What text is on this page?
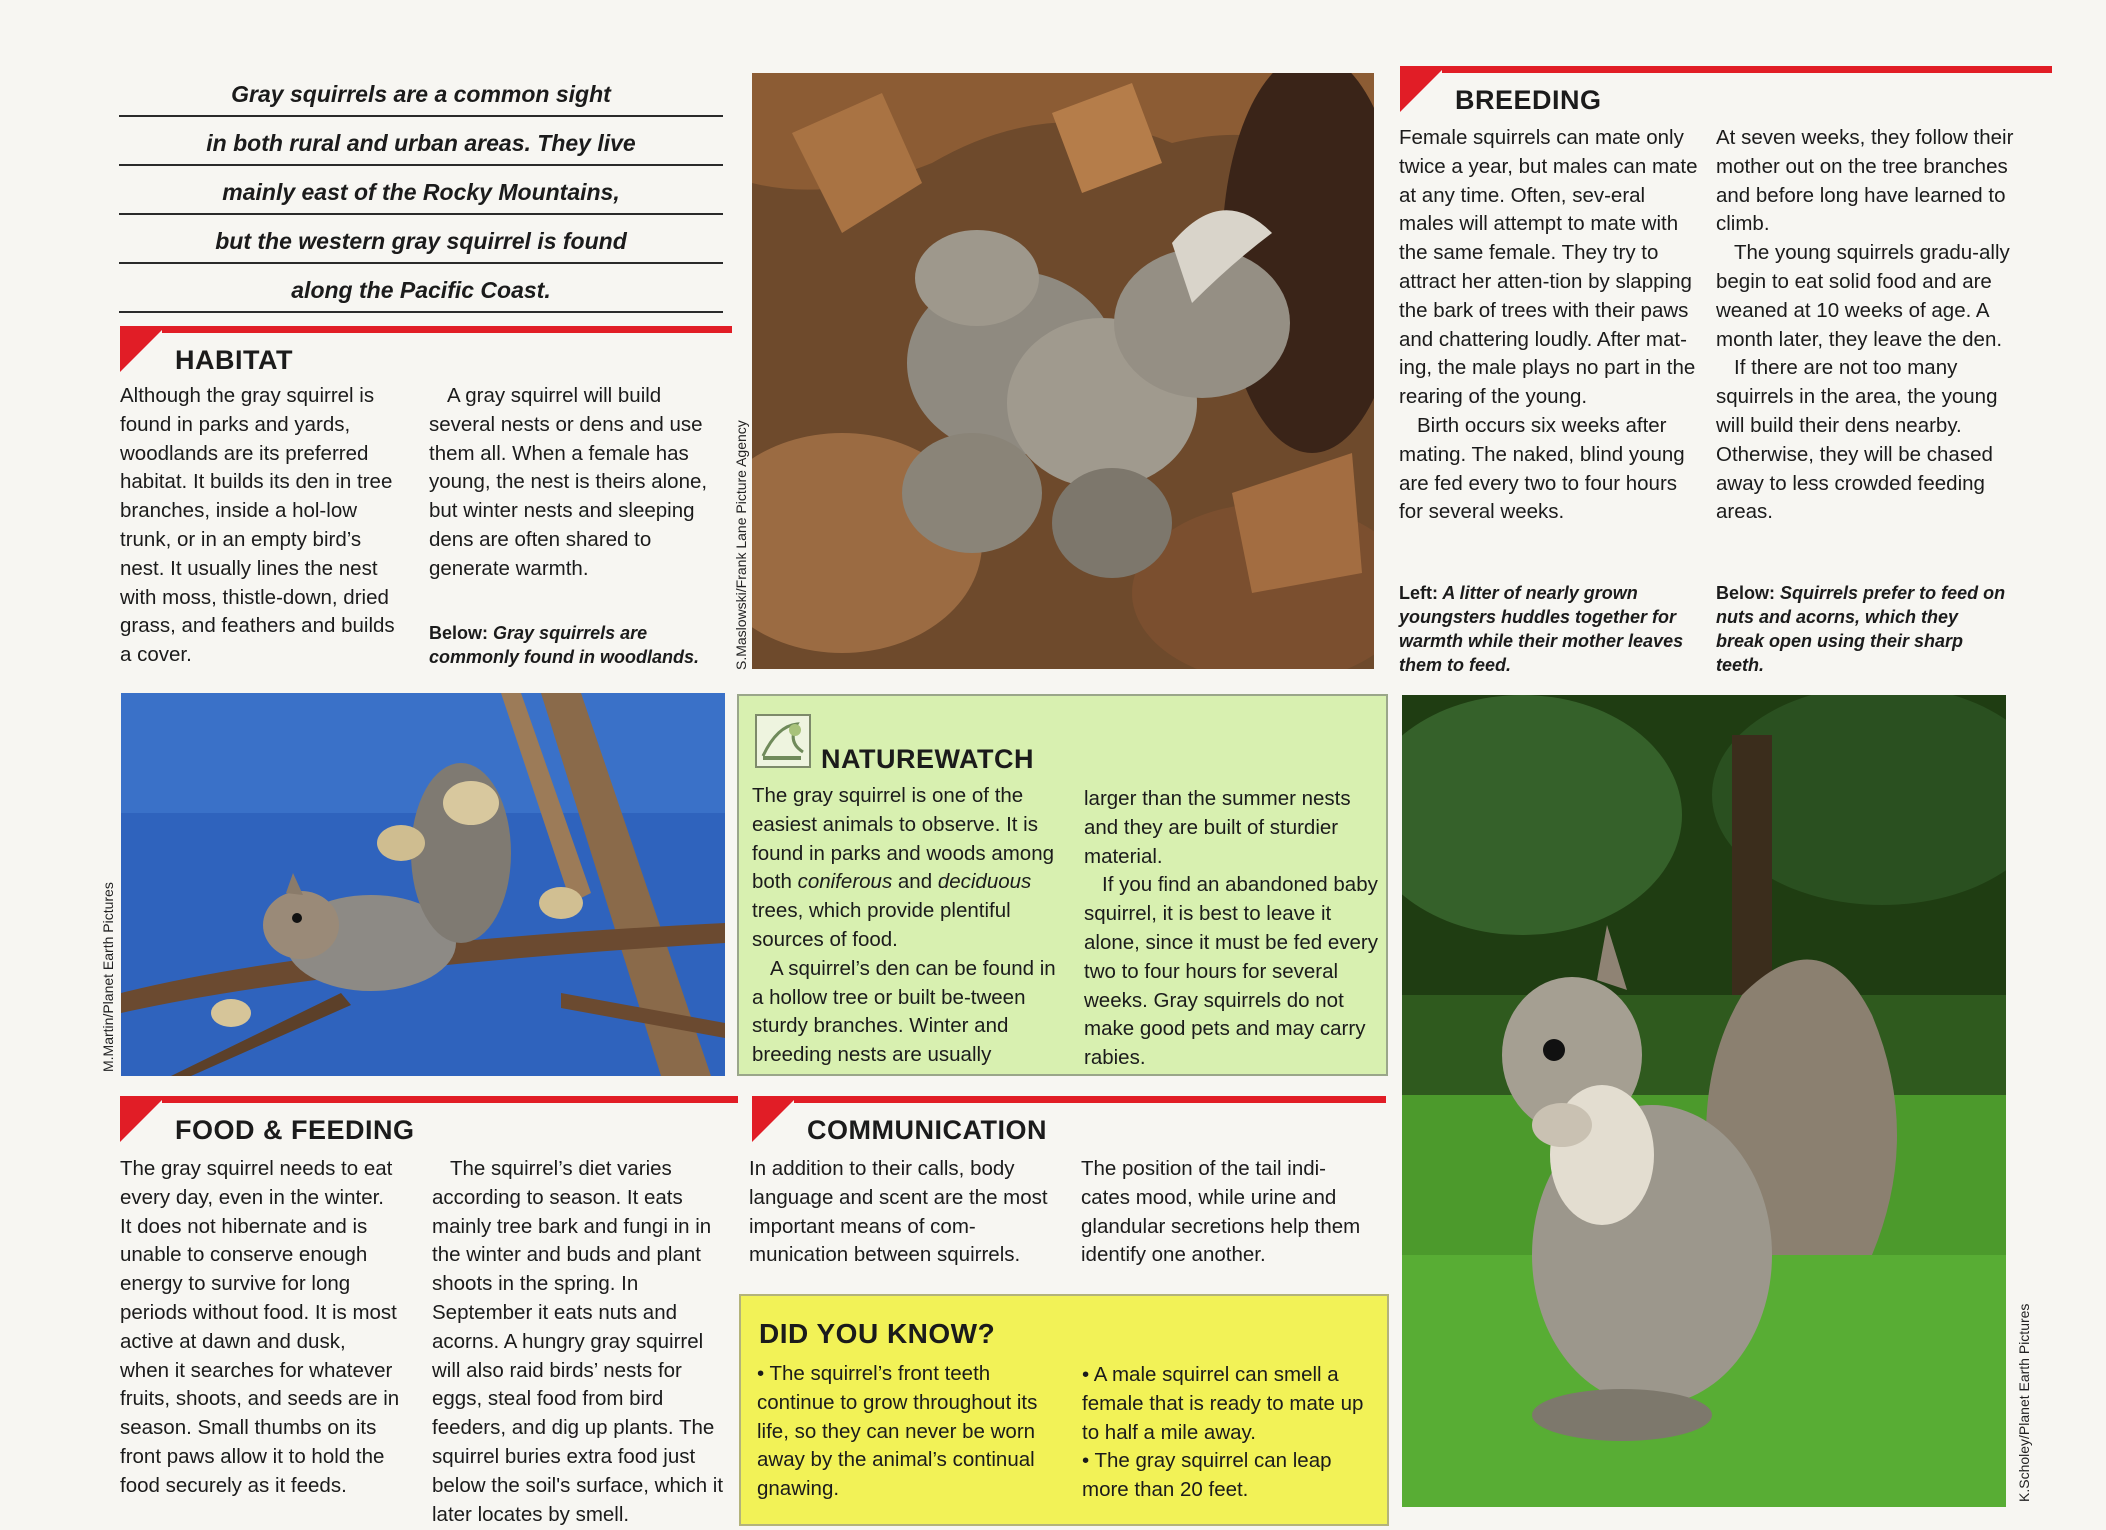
Gray squirrels are a common sight
in both rural and urban areas. They live
mainly east of the Rocky Mountains,
but the western gray squirrel is found
along the Pacific Coast.
HABITAT
Although the gray squirrel is found in parks and yards, woodlands are its preferred habitat. It builds its den in tree branches, inside a hol-low trunk, or in an empty bird’s nest. It usually lines the nest with moss, thistle-down, dried grass, and feathers and builds a cover.

A gray squirrel will build several nests or dens and use them all. When a female has young, the nest is theirs alone, but winter nests and sleeping dens are often shared to generate warmth.

Below: Gray squirrels are commonly found in woodlands.	S.Maslowski/Frank Lane Picture Agency
BREEDING

Female squirrels can mate only twice a year, but males can mate at any time. Often, sev-eral males will attempt to mate with the same female. They try to attract her atten-tion by slapping the bark of trees with their paws and chattering loudly. After mat-ing, the male plays no part in the rearing of the young.

Birth occurs six weeks after mating. The naked, blind young are fed every two to four hours for several weeks.

At seven weeks, they follow their mother out on the tree branches and before long have learned to climb.

The young squirrels gradu-ally begin to eat solid food and are weaned at 10 weeks of age. A month later, they leave the den.

If there are not too many squirrels in the area, the young will build their dens nearby. Otherwise, they will be chased away to less crowded feeding areas.

Left: A litter of nearly grown youngsters huddles together for warmth while their mother leaves them to feed.
Below: Squirrels prefer to feed on nuts and acorns, which they break open using their sharp teeth.
M.Martin/Planet Earth Pictures
NATUREWATCH

The gray squirrel is one of the easiest animals to observe. It is found in parks and woods among both coniferous and deciduous trees, which provide plentiful sources of food.

A squirrel’s den can be found in a hollow tree or built be-tween sturdy branches. Winter and breeding nests are usually

larger than the summer nests and they are built of sturdier material.

If you find an abandoned baby squirrel, it is best to leave it alone, since it must be fed every two to four hours for several weeks. Gray squirrels do not make good pets and may carry rabies.

K.Scholey/Planet Earth Pictures
FOOD & FEEDING
The gray squirrel needs to eat every day, even in the winter. It does not hibernate and is unable to conserve enough energy to survive for long periods without food. It is most active at dawn and dusk, when it searches for whatever fruits, shoots, and seeds are in season. Small thumbs on its front paws allow it to hold the food securely as it feeds.

The squirrel’s diet varies according to season. It eats mainly tree bark and fungi in in the winter and buds and plant shoots in the spring. In September it eats nuts and acorns. A hungry gray squirrel will also raid birds’ nests for eggs, steal food from bird feeders, and dig up plants. The squirrel buries extra food just below the soil's surface, which it later locates by smell.

COMMUNICATION
In addition to their calls, body language and scent are the most important means of com-munication between squirrels.
The position of the tail indi-cates mood, while urine and glandular secretions help them identify one another.
DID YOU KNOW?
• The squirrel’s front teeth continue to grow throughout its life, so they can never be worn away by the animal’s continual gnawing.

• A male squirrel can smell a female that is ready to mate up to half a mile away.

• The gray squirrel can leap more than 20 feet.
